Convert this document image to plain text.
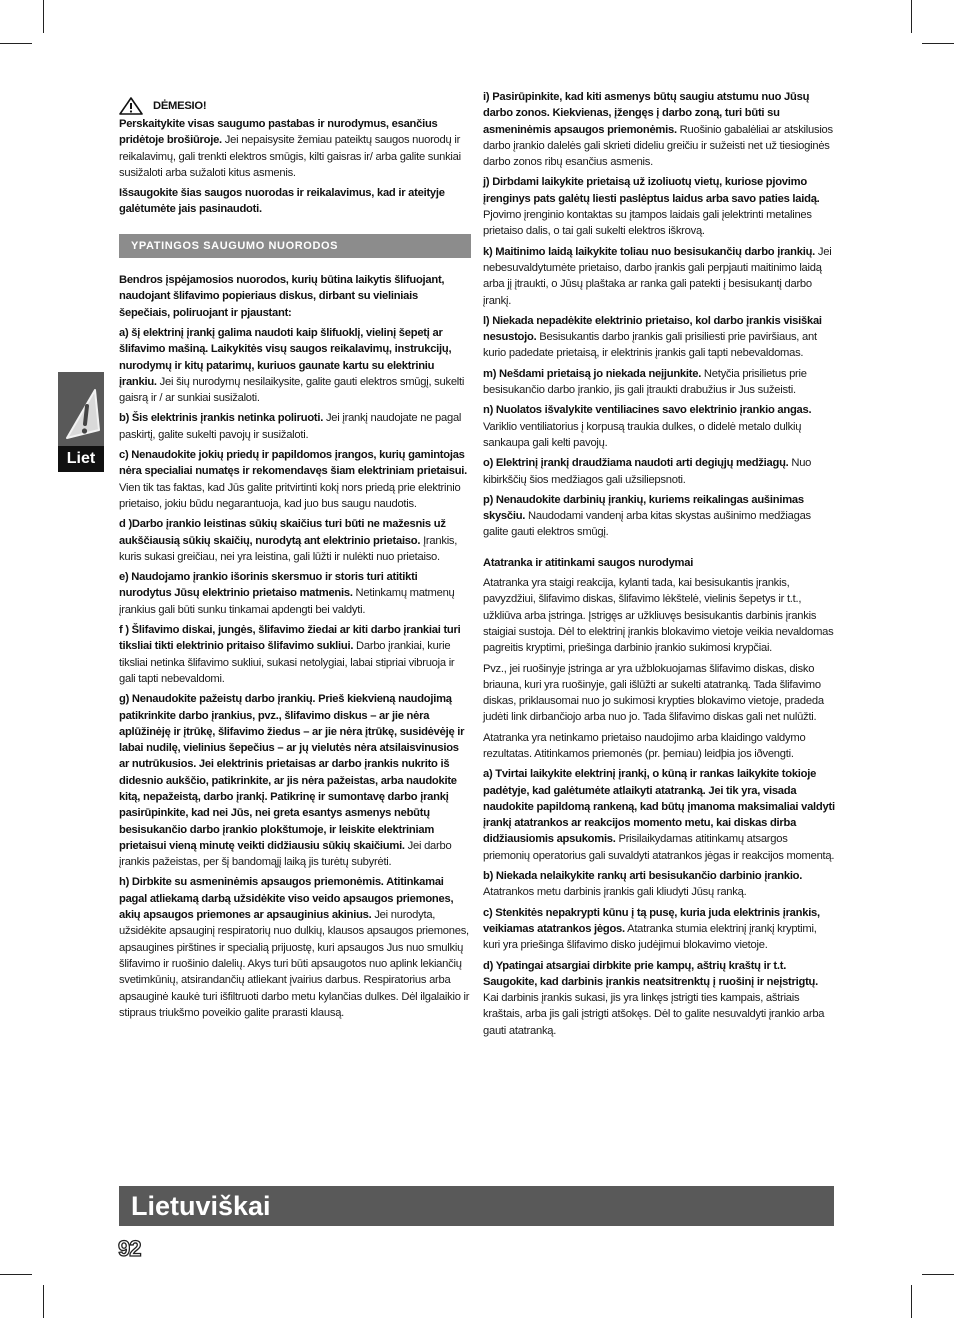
Liet
DĖMESIO!

Perskaitykite visas saugumo pastabas ir nurodymus, esančius pridėtoje brošiūroje. Jei nepaisysite žemiau pateiktų saugos nuorodų ir reikalavimų, gali trenkti elektros smūgis, kilti gaisras ir/ arba galite sunkiai susižaloti arba sužaloti kitus asmenis.

Išsaugokite šias saugos nuorodas ir reikalavimus, kad ir ateityje galėtumėte jais pasinaudoti.

YPATINGOS SAUGUMO NUORODOS

Bendros įspėjamosios nuorodos, kurių būtina laikytis šlifuojant, naudojant šlifavimo popieriaus diskus, dirbant su vieliniais šepečiais, poliruojant ir pjaustant:

a) šį elektrinį įrankį galima naudoti kaip šlifuoklį, vielinį šepetį ar šlifavimo mašiną. Laikykitės visų saugos reikalavimų, instrukcijų, nurodymų ir kitų patarimų, kuriuos gaunate kartu su elektriniu įrankiu. Jei šių nurodymų nesilaikysite, galite gauti elektros smūgį, sukelti gaisrą ir / ar sunkiai susižaloti.

b) Šis elektrinis įrankis netinka poliruoti. Jei įrankį naudojate ne pagal paskirtį, galite sukelti pavojų ir susižaloti.

c) Nenaudokite jokių priedų ir papildomos įrangos, kurių gamintojas nėra specialiai numatęs ir rekomendavęs šiam elektriniam prietaisui. Vien tik tas faktas, kad Jūs galite pritvirtinti kokį nors priedą prie elektrinio prietaiso, jokiu būdu negarantuoja, kad juo bus saugu naudotis.

d )Darbo įrankio leistinas sūkių skaičius turi būti ne mažesnis už aukščiausią sūkių skaičių, nurodytą ant elektrinio prietaiso. Įrankis, kuris sukasi greičiau, nei yra leistina, gali lūžti ir nulėkti nuo prietaiso.

e) Naudojamo įrankio išorinis skersmuo ir storis turi atitikti nurodytus Jūsų elektrinio prietaiso matmenis. Netinkamų matmenų įrankius gali būti sunku tinkamai apdengti bei valdyti.

f ) Šlifavimo diskai, jungės, šlifavimo žiedai ar kiti darbo įrankiai turi tiksliai tikti elektrinio pritaiso šlifavimo sukliui. Darbo įrankiai, kurie tiksliai netinka šlifavimo sukliui, sukasi netolygiai, labai stipriai vibruoja ir gali tapti nebevaldomi.

g) Nenaudokite pažeistų darbo įrankių. Prieš kiekvieną naudojimą patikrinkite darbo įrankius, pvz., šlifavimo diskus – ar jie nėra aplūžinėję ir įtrūkę, šlifavimo žiedus – ar jie nėra įtrūkę, susidėvėję ir labai nudilę, vielinius šepečius – ar jų vielutės nėra atsilaisvinusios ar nutrūkusios. Jei elektrinis prietaisas ar darbo įrankis nukrito iš didesnio aukščio, patikrinkite, ar jis nėra pažeistas, arba naudokite kitą, nepažeistą, darbo įrankį. Patikrinę ir sumontavę darbo įrankį pasirūpinkite, kad nei Jūs, nei greta esantys asmenys nebūtų besisukančio darbo įrankio plokštumoje, ir leiskite elektriniam prietaisui vieną minutę veikti didžiausiu sūkių skaičiumi. Jei darbo įrankis pažeistas, per šį bandomąjį laiką jis turėtų subyrėti.

h) Dirbkite su asmeninėmis apsaugos priemonėmis. Atitinkamai pagal atliekamą darbą užsidėkite viso veido apsaugos priemones, akių apsaugos priemones ar apsauginius akinius. Jei nurodyta, užsidėkite apsauginį respiratorių nuo dulkių, klausos apsaugos priemones, apsaugines pirštines ir specialią prijuostę, kuri apsaugos Jus nuo smulkių šlifavimo ir ruošinio dalelių. Akys turi būti apsaugotos nuo aplink lekiančių svetimkūnių, atsirandančių atliekant įvairius darbus. Respiratorius arba apsauginė kaukė turi išfiltruoti darbo metu kylančias dulkes. Dėl ilgalaikio ir stipraus triukšmo poveikio galite prarasti klausą.

i) Pasirūpinkite, kad kiti asmenys būtų saugiu atstumu nuo Jūsų darbo zonos. Kiekvienas, įžengęs į darbo zoną, turi būti su asmeninėmis apsaugos priemonėmis. Ruošinio gabalėliai ar atskilusios darbo įrankio dalelės gali skrieti dideliu greičiu ir sužeisti net už tiesioginės darbo zonos ribų esančius asmenis.

j) Dirbdami laikykite prietaisą už izoliuotų vietų, kuriose pjovimo įrenginys pats galėtų liesti paslėptus laidus arba savo paties laidą. Pjovimo įrenginio kontaktas su įtampos laidais gali įelektrinti metalines prietaiso dalis, o tai gali sukelti elektros iškrovą.

k) Maitinimo laidą laikykite toliau nuo besisukančių darbo įrankių. Jei nebesuvaldytumėte prietaiso, darbo įrankis gali perpjauti maitinimo laidą arba jį įtraukti, o Jūsų plaštaka ar ranka gali patekti į besisukantį darbo įrankį.

l) Niekada nepadėkite elektrinio prietaiso, kol darbo įrankis visiškai nesustojo. Besisukantis darbo įrankis gali prisiliesti prie paviršiaus, ant kurio padedate prietaisą, ir elektrinis įrankis gali tapti nebevaldomas.

m) Nešdami prietaisą jo niekada neįjunkite. Netyčia prisilietus prie besisukančio darbo įrankio, jis gali įtraukti drabužius ir Jus sužeisti.

n) Nuolatos išvalykite ventiliacines savo elektrinio įrankio angas. Variklio ventiliatorius į korpusą traukia dulkes, o didelė metalo dulkių sankaupa gali kelti pavojų.

o) Elektrinį įrankį draudžiama naudoti arti degiųjų medžiagų. Nuo kibirkščių šios medžiagos gali užsiliepsnoti.

p) Nenaudokite darbinių įrankių, kuriems reikalingas aušinimas skysčiu. Naudodami vandenį arba kitas skystas aušinimo medžiagas galite gauti elektros smūgį.

Atatranka ir atitinkami saugos nurodymai

Atatranka yra staigi reakcija, kylanti tada, kai besisukantis įrankis, pavyzdžiui, šlifavimo diskas, šlifavimo lėkštelė, vielinis šepetys ir t.t., užkliūva arba įstringa. Įstrigęs ar užkliuvęs besisukantis darbinis įrankis staigiai sustoja. Dėl to elektrinį įrankis blokavimo vietoje veikia nevaldomas pagreitis kryptimi, priešinga darbinio įrankio sukimosi krypčiai.

Pvz., jei ruošinyje įstringa ar yra užblokuojamas šlifavimo diskas, disko briauna, kuri yra ruošinyje, gali išlūžti ar sukelti atatranką. Tada šlifavimo diskas, priklausomai nuo jo sukimosi krypties blokavimo vietoje, pradeda judėti link dirbančiojo arba nuo jo. Tada šlifavimo diskas gali net nulūžti.

Atatranka yra netinkamo prietaiso naudojimo arba klaidingo valdymo rezultatas. Atitinkamos priemonės (pr. þemiau) leidþia jos iðvengti.

a) Tvirtai laikykite elektrinį įrankį, o kūną ir rankas laikykite tokioje padėtyje, kad galėtumėte atlaikyti atatranką. Jei tik yra, visada naudokite papildomą rankeną, kad būtų įmanoma maksimaliai valdyti įrankį atatrankos ar reakcijos momento metu, kai diskas dirba didžiausiomis apsukomis. Prisilaikydamas atitinkamų atsargos priemonių operatorius gali suvaldyti atatrankos jėgas ir reakcijos momentą.

b) Niekada nelaikykite rankų arti besisukančio darbinio įrankio. Atatrankos metu darbinis įrankis gali kliudyti Jūsų ranką.

c) Stenkitės nepakrypti kūnu į tą pusę, kuria juda elektrinis įrankis, veikiamas atatrankos jėgos. Atatranka stumia elektrinį įrankį kryptimi, kuri yra priešinga šlifavimo disko judėjimui blokavimo vietoje.

d) Ypatingai atsargiai dirbkite prie kampų, aštrių kraštų ir t.t. Saugokite, kad darbinis įrankis neatsitrenktų į ruošinį ir neįstrigtų. Kai darbinis įrankis sukasi, jis yra linkęs įstrigti ties kampais, aštriais kraštais, arba jis gali įstrigti atšokęs. Dėl to galite nesuvaldyti įrankio arba gauti atatranką.

Lietuviškai
92
